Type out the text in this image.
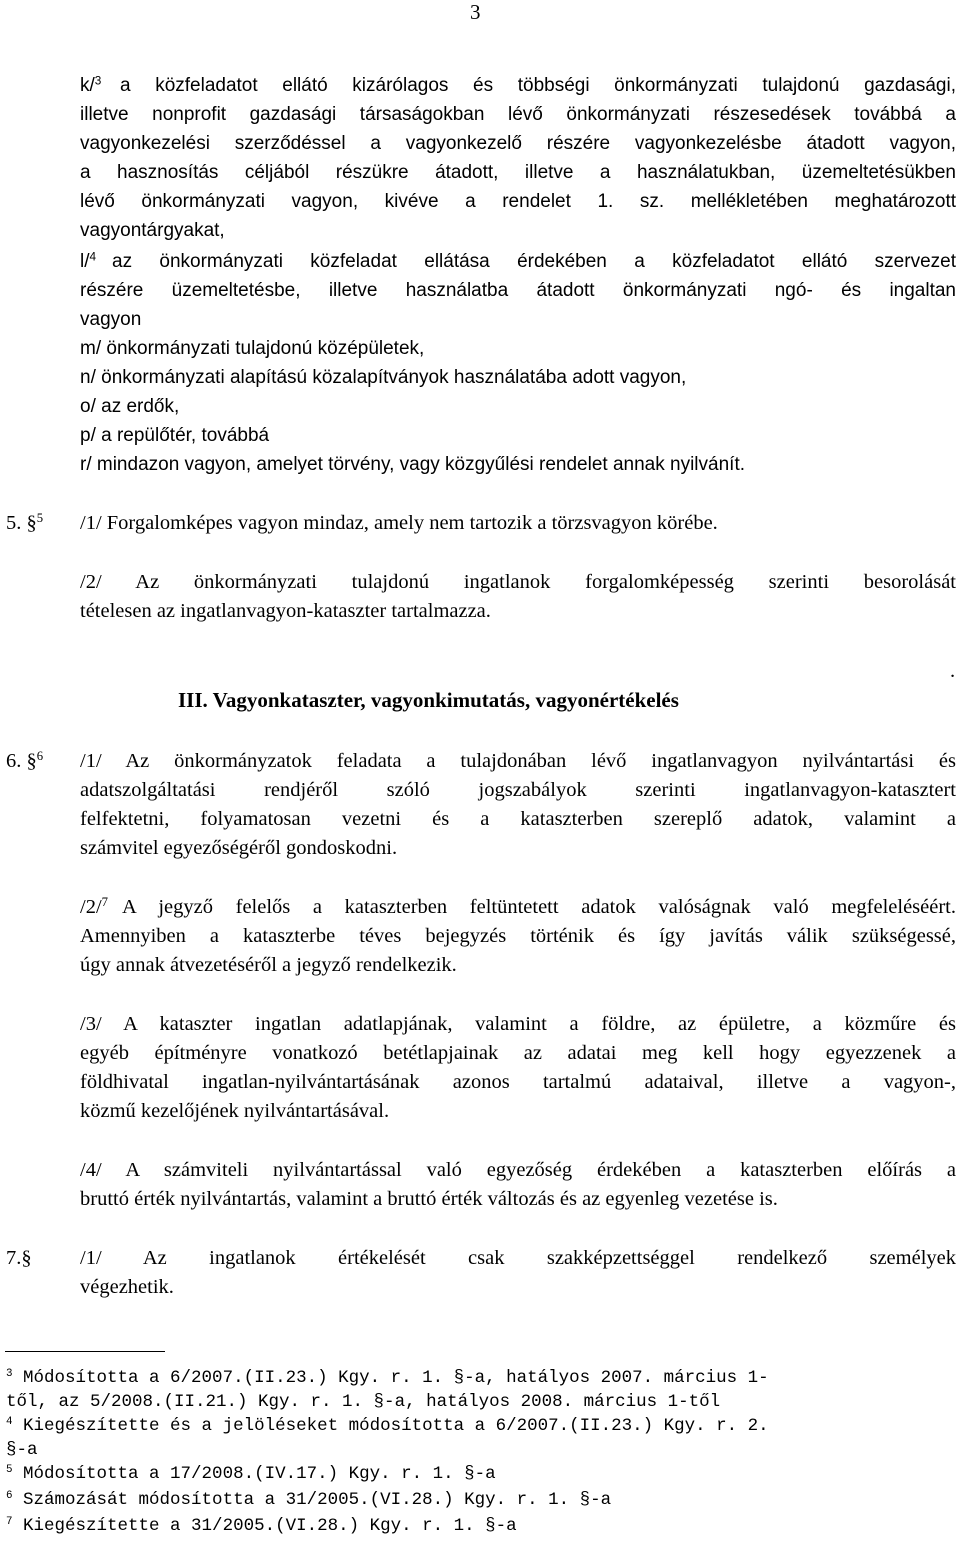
3
k/$^3$ a közfeladatot ellátó kizárólagos és többségi önkormányzati tulajdonú gazdasági,
illetve nonprofit gazdasági társaságokban lévő önkormányzati részesedések továbbá a
vagyonkezelési szerződéssel a vagyonkezelő részére vagyonkezelésbe átadott vagyon,
a hasznosítás céljából részükre átadott, illetve a használatukban, üzemeltetésükben
lévő önkormányzati vagyon, kivéve a rendelet 1. sz. mellékletében meghatározott
vagyontárgyakat,
l/$^4$ az önkormányzati közfeladat ellátása érdekében a közfeladatot ellátó szervezet
részére üzemeltetésbe, illetve használatba átadott önkormányzati ngó- és ingaltan
vagyon
m/ önkormányzati tulajdonú középületek,
n/ önkormányzati alapítású közalapítványok használatába adott vagyon,
o/ az erdők,
p/ a repülőtér, továbbá
r/ mindazon vagyon, amelyet törvény, vagy közgyűlési rendelet annak nyilvánít.
5. §$^5$ /1/ Forgalomképes vagyon mindaz, amely nem tartozik a törzsvagyon körébe.
/2/ Az önkormányzati tulajdonú ingatlanok forgalomképesség szerinti besorolását
tételesen az ingatlanvagyon-kataszter tartalmazza.
.
III. Vagyonkataszter, vagyonkimutatás, vagyonértékelés
6. §$^6$ /1/ Az önkormányzatok feladata a tulajdonában lévő ingatlanvagyon nyilvántartási és
adatszolgáltatási rendjéről szóló jogszabályok szerinti ingatlanvagyon-katasztert
felfektetni, folyamatosan vezetni és a kataszterben szereplő adatok, valamint a
számvitel egyezőségéről gondoskodni.
/2/$^7$ A jegyző felelős a kataszterben feltüntetett adatok valóságnak való megfeleléséért.
Amennyiben a kataszterbe téves bejegyzés történik és így javítás válik szükségessé,
úgy annak átvezetéséről a jegyző rendelkezik.
/3/ A kataszter ingatlan adatlapjának, valamint a földre, az épületre, a közműre és
egyéb építményre vonatkozó betétlapjainak az adatai meg kell hogy egyezzenek a
földhivatal ingatlan-nyilvántartásának azonos tartalmú adataival, illetve a vagyon-,
közmű kezelőjének nyilvántartásával.
/4/ A számviteli nyilvántartással való egyezőség érdekében a kataszterben előírás a
bruttó érték nyilvántartás, valamint a bruttó érték változás és az egyenleg vezetése is.
7.§ /1/ Az ingatlanok értékelését csak szakképzettséggel rendelkező személyek
végezhetik.
$^3$ Módosította a 6/2007.(II.23.) Kgy. r. 1. §-a, hatályos 2007. március 1-
től, az 5/2008.(II.21.) Kgy. r. 1. §-a, hatályos 2008. március 1-től
$^4$ Kiegészítette és a jelöléseket módosította a 6/2007.(II.23.) Kgy. r. 2.
§-a
$^5$ Módosította a 17/2008.(IV.17.) Kgy. r. 1. §-a
$^6$ Számozását módosította a 31/2005.(VI.28.) Kgy. r. 1. §-a
$^7$ Kiegészítette a 31/2005.(VI.28.) Kgy. r. 1. §-a
